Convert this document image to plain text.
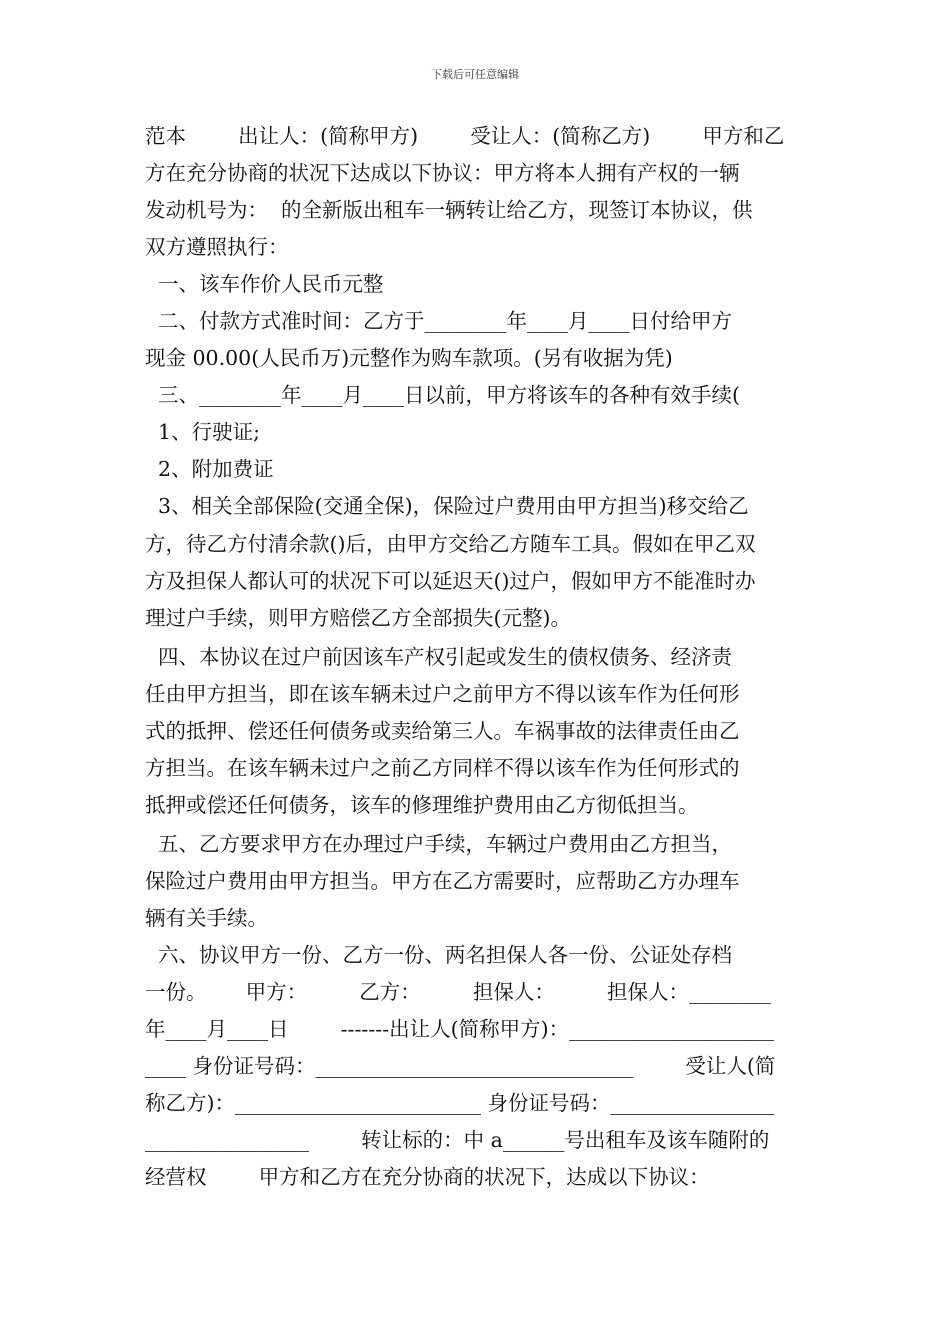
下载后可任意编辑
范本        出让人：(简称甲方)        受让人：(简称乙方)        甲方和乙
方在充分协商的状况下达成以下协议：甲方将本人拥有产权的一辆
发动机号为：  的全新版出租车一辆转让给乙方，现签订本协议，供
双方遵照执行：
一、该车作价人民币元整
二、付款方式准时间：乙方于________年____月____日付给甲方
现金 00.00(人民币万)元整作为购车款项。(另有收据为凭)
三、________年____月____日以前，甲方将该车的各种有效手续(
1、行驶证;
2、附加费证
3、相关全部保险(交通全保)，保险过户费用由甲方担当)移交给乙
方，待乙方付清余款()后，由甲方交给乙方随车工具。假如在甲乙双
方及担保人都认可的状况下可以延迟天()过户，假如甲方不能准时办
理过户手续，则甲方赔偿乙方全部损失(元整)。
四、本协议在过户前因该车产权引起或发生的债权债务、经济责
任由甲方担当，即在该车辆未过户之前甲方不得以该车作为任何形
式的抵押、偿还任何债务或卖给第三人。车祸事故的法律责任由乙
方担当。在该车辆未过户之前乙方同样不得以该车作为任何形式的
抵押或偿还任何债务，该车的修理维护费用由乙方彻低担当。
五、乙方要求甲方在办理过户手续，车辆过户费用由乙方担当，
保险过户费用由甲方担当。甲方在乙方需要时，应帮助乙方办理车
辆有关手续。
六、协议甲方一份、乙方一份、两名担保人各一份、公证处存档
一份。      甲方：        乙方：        担保人：        担保人：________
年____月____日        -------出让人(简称甲方)：____________________
____ 身份证号码：_______________________________        受让人(简
称乙方)：________________________ 身份证号码：________________
________________        转让标的：中 a______号出租车及该车随附的
经营权        甲方和乙方在充分协商的状况下，达成以下协议：
